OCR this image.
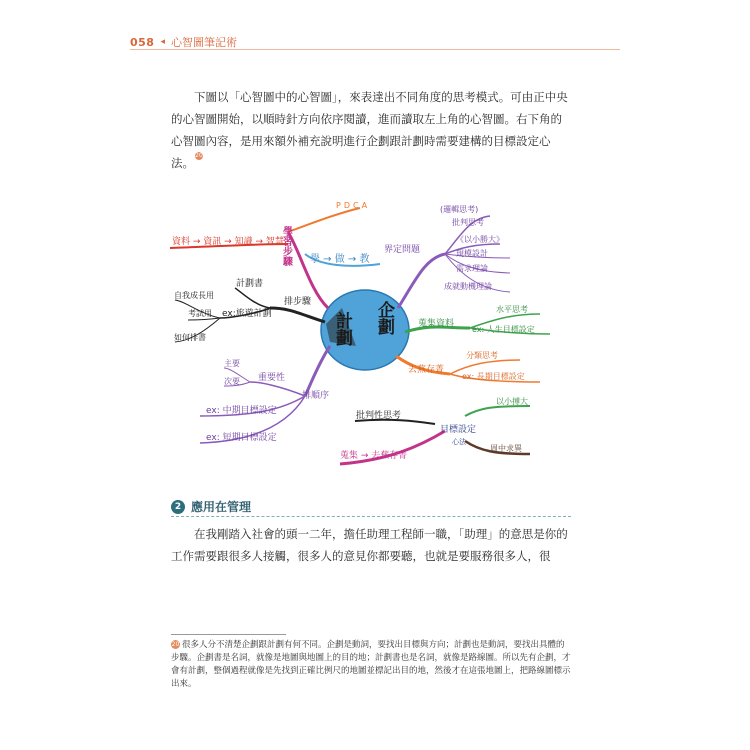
058 ◂ 心智圖筆記術

下圖以「心智圖中的心智圖」，來表達出不同角度的思考模式。可由正中央的心智圖開始，以順時針方向依序閱讀，進而讀取左上角的心智圖。右下角的心智圖內容，是用來額外補充說明進行企劃跟計劃時需要建構的目標設定心法。20

計劃 企劃
PDCA
學習步驟
資料 → 資訊 → 知識 → 智慧
學 → 做 → 教
排步驟
計劃書
ex:旅遊計劃
自我成長用
考試用
如何排書
排順序
重要性
主要
次要
ex: 中期目標設定
ex: 短期目標設定
界定問題
(邏輯思考)
批判思考
《以小勝大》
規模設計
需求理論
成就動機理論
蒐集資料
水平思考
ex: 人生目標設定
去蕪存菁
分類思考
ex: 長期目標設定
批判性思考
蒐集 → 去蕪存菁
目標設定
心法
以小搏大
周中求異
2 應用在管理

在我剛踏入社會的頭一二年，擔任助理工程師一職，「助理」的意思是你的工作需要跟很多人接觸，很多人的意見你都要聽，也就是要服務很多人，很

20 很多人分不清楚企劃跟計劃有何不同。企劃是動詞，要找出目標與方向；計劃也是動詞，要找出具體的步驟。企劃書是名詞，就像是地圖與地圖上的目的地；計劃書也是名詞，就像是路線圖。所以先有企劃，才會有計劃，整個過程就像是先找到正確比例尺的地圖並標記出目的地，然後才在這張地圖上，把路線圖標示出來。
